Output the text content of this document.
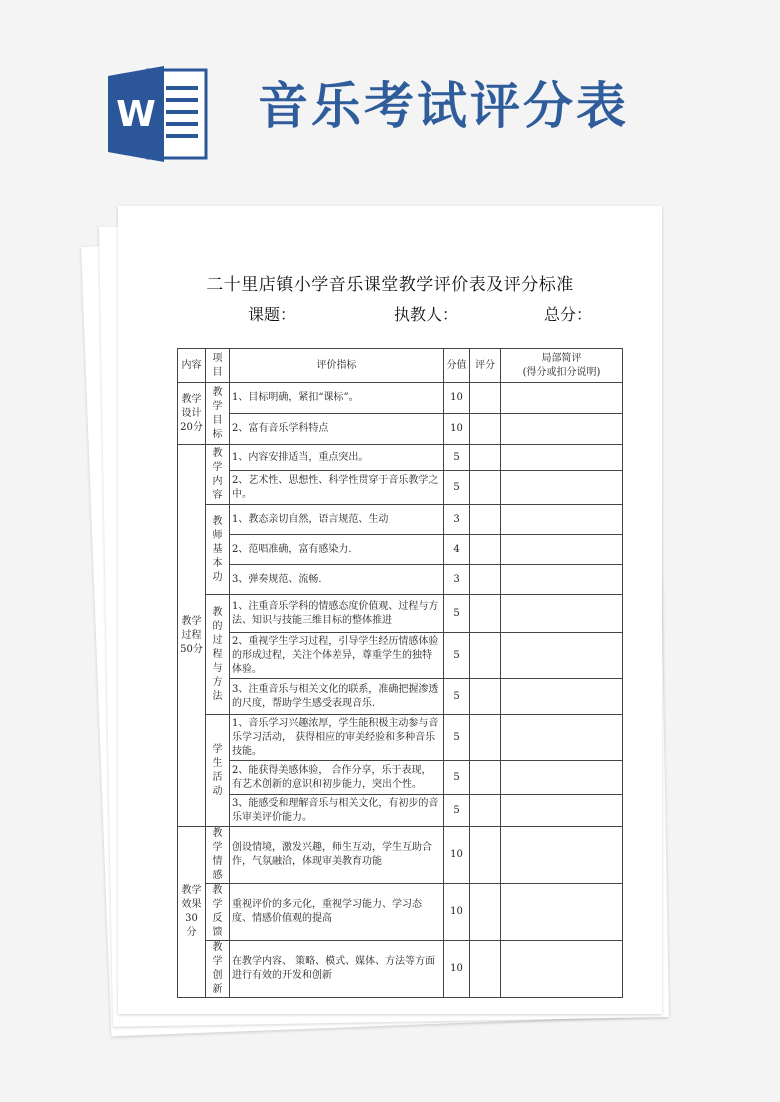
W 音乐考试评分表
二十里店镇小学音乐课堂教学评价表及评分标准
课题：	执教人：	总分：
内容	项目	评价指标	分值	评分	局部简评
(得分或扣分说明)
教学设计20分	教学目标	1、目标明确，紧扣“课标”。	10		
		2、富有音乐学科特点	10		
教学过程50分	教学内容	1、内容安排适当，重点突出。	5		
		2、艺术性、思想性、科学性贯穿于音乐教学之中。	5		
	教师基本功	1、教态亲切自然，语言规范、生动	3		
		2、范唱准确，富有感染力.	4		
		3、弹奏规范、流畅.	3		
	教的过程与方法	1、注重音乐学科的情感态度价值观、过程与方法、知识与技能三维目标的整体推进	5		
		2、重视学生学习过程，引导学生经历情感体验的形成过程，关注个体差异，尊重学生的独特体验。	5		
		3、注重音乐与相关文化的联系，准确把握渗透的尺度，帮助学生感受表现音乐.	5		
	学生活动	1、音乐学习兴趣浓厚，学生能积极主动参与音乐学习活动， 获得相应的审美经验和多种音乐技能。	5		
		2、能获得美感体验， 合作分享，乐于表现，有艺术创新的意识和初步能力，突出个性。	5		
		3、能感受和理解音乐与相关文化，有初步的音乐审美评价能力。	5		
教学效果30 分	教学情感	创设情境，激发兴趣，师生互动，学生互助合作，气氛融洽，体现审美教育功能	10		
	教学反馈	重视评价的多元化，重视学习能力、学习态度、情感价值观的提高	10		
	教学创新	在教学内容、 策略、模式、媒体、方法等方面进行有效的开发和创新	10		
